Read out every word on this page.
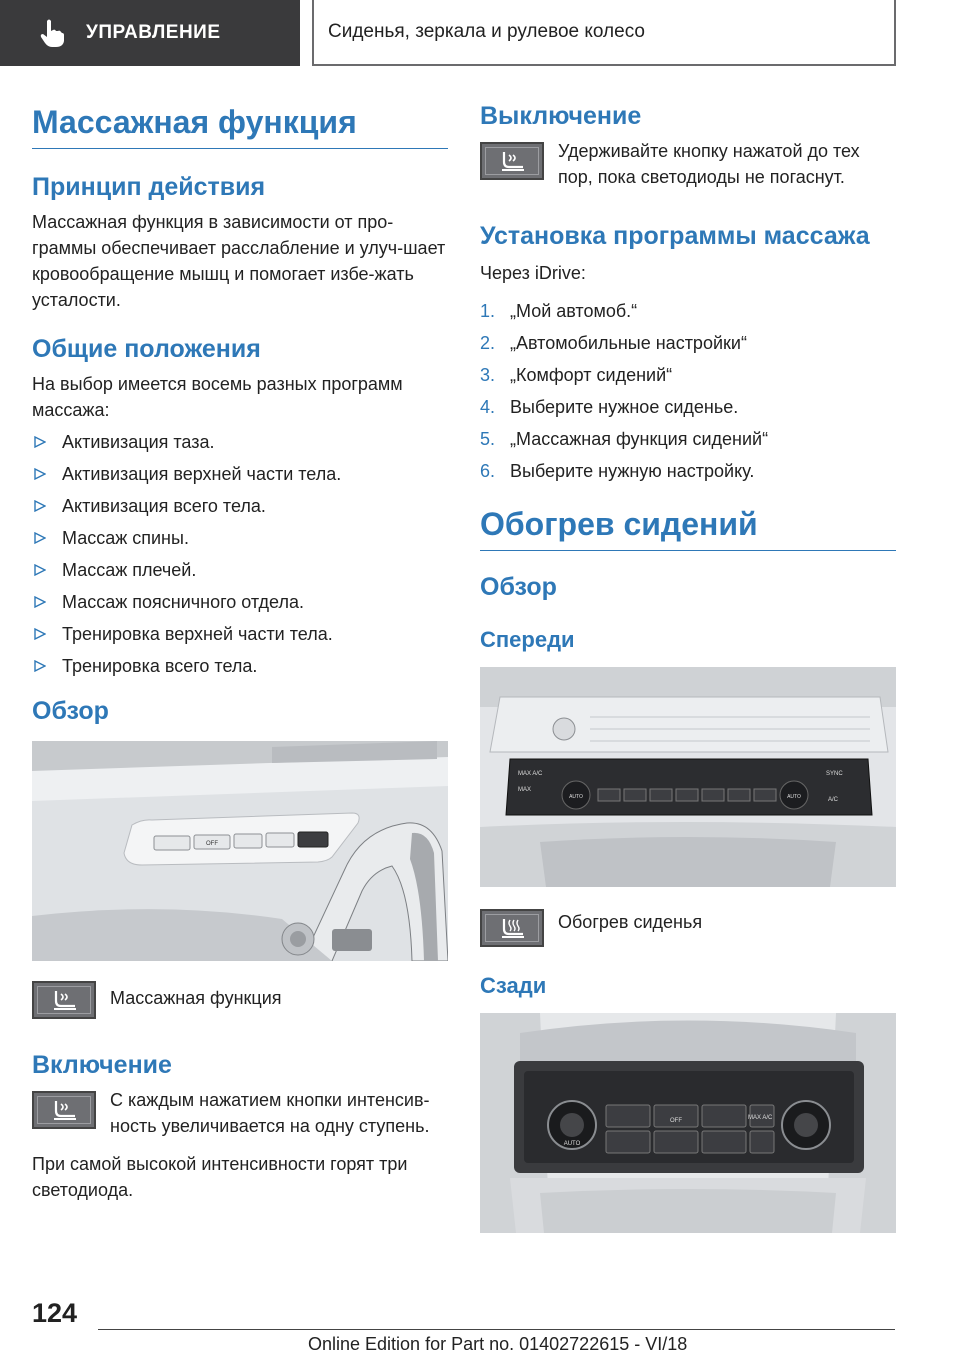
УПРАВЛЕНИЕ	Сиденья, зеркала и рулевое колесо
Массажная функция
Принцип действия

Массажная функция в зависимости от про-граммы обеспечивает расслабление и улуч-шает кровообращение мышц и помогает избе-жать усталости.

Общие положения

На выбор имеется восемь разных программ массажа:

Активизация таза.
Активизация верхней части тела.
Активизация всего тела.
Массаж спины.
Массаж плечей.
Массаж поясничного отдела.
Тренировка верхней части тела.
Тренировка всего тела.
Обзор
OFF

Массажная функция

Включение

С каждым нажатием кнопки интенсив-ность увеличивается на одну ступень.

При самой высокой интенсивности горят три светодиода.

Выключение

Удерживайте кнопку нажатой до тех пор, пока светодиоды не погаснут.

Установка программы массажа

Через iDrive:

1. „Мой автомоб.“
2. „Автомобильные настройки“
3. „Комфорт сидений“
4. Выберите нужное сиденье.
5. „Массажная функция сидений“
6. Выберите нужную настройку.
Обогрев сидений
Обзор
Спереди
MAX A/C
AUTO	AUTO
SYNC
A/C
MAX

Обогрев сиденья

Сзади
AUTO
OFF	MAX A/C
124
Online Edition for Part no. 01402722615 - VI/18
